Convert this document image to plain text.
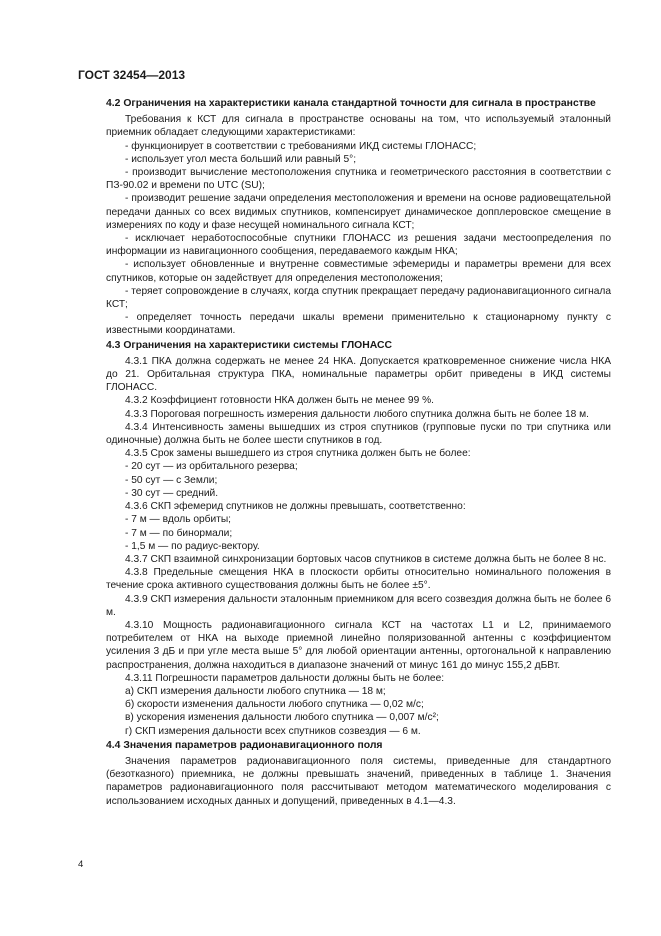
ГОСТ 32454—2013

4.2 Ограничения на характеристики канала стандартной точности для сигнала в пространстве

Требования к КСТ для сигнала в пространстве основаны на том, что используемый эталонный приемник обладает следующими характеристиками:

- функционирует в соответствии с требованиями ИКД системы ГЛОНАСС;

- использует угол места больший или равный 5°;

- производит вычисление местоположения спутника и геометрического расстояния в соответствии с ПЗ-90.02 и времени по UTC (SU);

- производит решение задачи определения местоположения и времени на основе радиовещательной передачи данных со всех видимых спутников, компенсирует динамическое допплеровское смещение в измерениях по коду и фазе несущей номинального сигнала КСТ;

- исключает неработоспособные спутники ГЛОНАСС из решения задачи местоопределения по информации из навигационного сообщения, передаваемого каждым НКА;

- использует обновленные и внутренне совместимые эфемериды и параметры времени для всех спутников, которые он задействует для определения местоположения;

- теряет сопровождение в случаях, когда спутник прекращает передачу радионавигационного сигнала КСТ;

- определяет точность передачи шкалы времени применительно к стационарному пункту с известными координатами.

4.3 Ограничения на характеристики системы ГЛОНАСС

4.3.1 ПКА должна содержать не менее 24 НКА. Допускается кратковременное снижение числа НКА до 21. Орбитальная структура ПКА, номинальные параметры орбит приведены в ИКД системы ГЛОНАСС.

4.3.2 Коэффициент готовности НКА должен быть не менее 99 %.

4.3.3 Пороговая погрешность измерения дальности любого спутника должна быть не более 18 м.

4.3.4 Интенсивность замены вышедших из строя спутников (групповые пуски по три спутника или одиночные) должна быть не более шести спутников в год.

4.3.5 Срок замены вышедшего из строя спутника должен быть не более:

- 20 сут — из орбитального резерва;

- 50 сут — с Земли;

- 30 сут — средний.

4.3.6 СКП эфемерид спутников не должны превышать, соответственно:

- 7 м — вдоль орбиты;

- 7 м — по бинормали;

- 1,5 м — по радиус-вектору.

4.3.7 СКП взаимной синхронизации бортовых часов спутников в системе должна быть не более 8 нс.

4.3.8 Предельные смещения НКА в плоскости орбиты относительно номинального положения в течение срока активного существования должны быть не более ±5°.

4.3.9 СКП измерения дальности эталонным приемником для всего созвездия должна быть не более 6 м.

4.3.10 Мощность радионавигационного сигнала КСТ на частотах L1 и L2, принимаемого потребителем от НКА на выходе приемной линейно поляризованной антенны с коэффициентом усиления 3 дБ и при угле места выше 5° для любой ориентации антенны, ортогональной к направлению распространения, должна находиться в диапазоне значений от минус 161 до минус 155,2 дБВт.

4.3.11 Погрешности параметров дальности должны быть не более:

а) СКП измерения дальности любого спутника — 18 м;

б) скорости изменения дальности любого спутника — 0,02 м/с;

в) ускорения изменения дальности любого спутника — 0,007 м/с²;

г) СКП измерения дальности всех спутников созвездия — 6 м.

4.4 Значения параметров радионавигационного поля

Значения параметров радионавигационного поля системы, приведенные для стандартного (безотказного) приемника, не должны превышать значений, приведенных в таблице 1. Значения параметров радионавигационного поля рассчитывают методом математического моделирования с использованием исходных данных и допущений, приведенных в 4.1—4.3.

4
